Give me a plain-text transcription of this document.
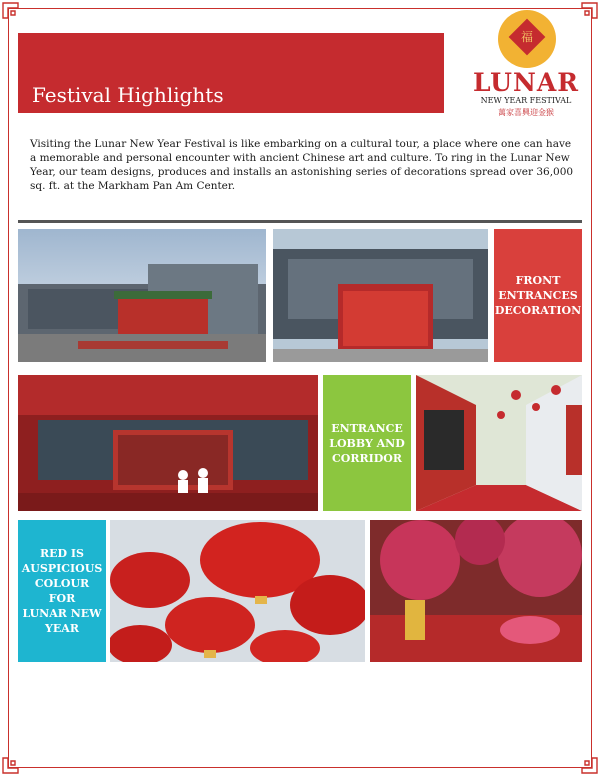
Festival Highlights
福
LUNAR
NEW YEAR FESTIVAL
萬家喜興迎金猴
Visiting the Lunar New Year Festival is like embarking on a cultural tour, a place where one can have a memorable and personal encounter with ancient Chinese art and culture. To ring in the Lunar New Year, our team designs, produces and installs an astonishing series of decorations spread over 36,000 sq. ft. at the Markham Pan Am Center.
FRONT
ENTRANCES
DECORATION
ENTRANCE
LOBBY AND
CORRIDOR
RED IS
AUSPICIOUS
COLOUR
FOR
LUNAR NEW
YEAR
